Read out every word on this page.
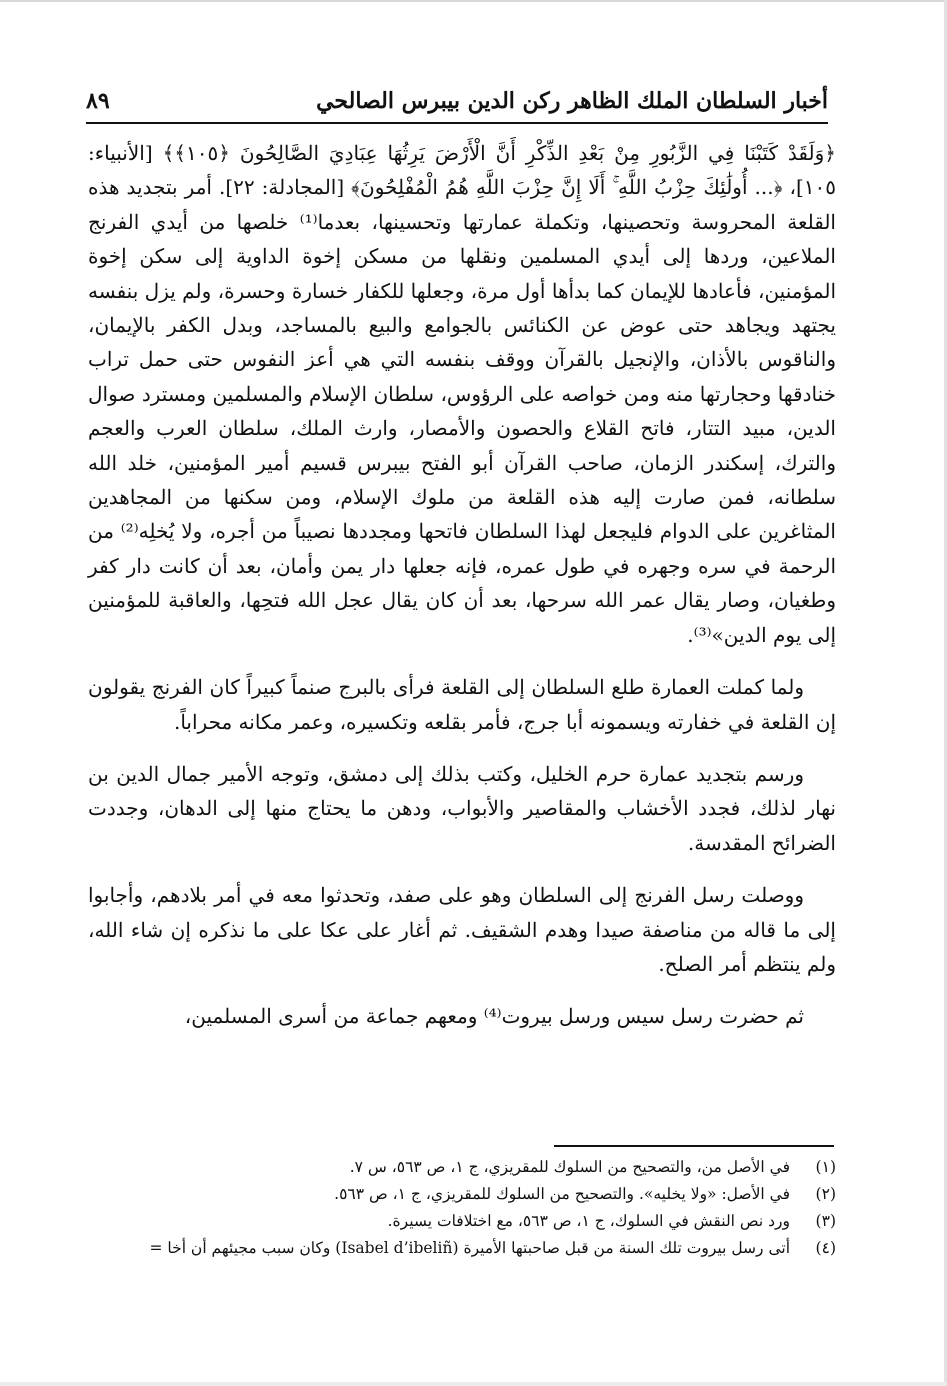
أخبار السلطان الملك الظاهر ركن الدين بيبرس الصالحي
٨٩

﴿وَلَقَدْ كَتَبْنَا فِي الزَّبُورِ مِنْ بَعْدِ الذِّكْرِ أَنَّ الْأَرْضَ يَرِثُهَا عِبَادِيَ الصَّالِحُونَ ﴿١٠٥﴾﴾ [الأنبياء: ١٠٥]، ﴿... أُولَٰئِكَ حِزْبُ اللَّهِ ۚ أَلَا إِنَّ حِزْبَ اللَّهِ هُمُ الْمُفْلِحُونَ﴾ [المجادلة: ٢٢]. أمر بتجديد هذه القلعة المحروسة وتحصينها، وتكملة عمارتها وتحسينها، بعدما⁽¹⁾ خلصها من أيدي الفرنج الملاعين، وردها إلى أيدي المسلمين ونقلها من مسكن إخوة الداوية إلى سكن إخوة المؤمنين، فأعادها للإيمان كما بدأها أول مرة، وجعلها للكفار خسارة وحسرة، ولم يزل بنفسه يجتهد ويجاهد حتى عوض عن الكنائس بالجوامع والبيع بالمساجد، وبدل الكفر بالإيمان، والناقوس بالأذان، والإنجيل بالقرآن ووقف بنفسه التي هي أعز النفوس حتى حمل تراب خنادقها وحجارتها منه ومن خواصه على الرؤوس، سلطان الإسلام والمسلمين ومسترد صوال الدين، مبيد التتار، فاتح القلاع والحصون والأمصار، وارث الملك، سلطان العرب والعجم والترك، إسكندر الزمان، صاحب القرآن أبو الفتح بيبرس قسيم أمير المؤمنين، خلد الله سلطانه، فمن صارت إليه هذه القلعة من ملوك الإسلام، ومن سكنها من المجاهدين المثاغرين على الدوام فليجعل لهذا السلطان فاتحها ومجددها نصيباً من أجره، ولا يُخلِه⁽²⁾ من الرحمة في سره وجهره في طول عمره، فإنه جعلها دار يمن وأمان، بعد أن كانت دار كفر وطغيان، وصار يقال عمر الله سرحها، بعد أن كان يقال عجل الله فتحِها، والعاقبة للمؤمنين إلى يوم الدين»⁽³⁾.

ولما كملت العمارة طلع السلطان إلى القلعة فرأى بالبرج صنماً كبيراً كان الفرنج يقولون إن القلعة في خفارته ويسمونه أبا جرج، فأمر بقلعه وتكسيره، وعمر مكانه محراباً.

ورسم بتجديد عمارة حرم الخليل، وكتب بذلك إلى دمشق، وتوجه الأمير جمال الدين بن نهار لذلك، فجدد الأخشاب والمقاصير والأبواب، ودهن ما يحتاج منها إلى الدهان، وجددت الضرائح المقدسة.

ووصلت رسل الفرنج إلى السلطان وهو على صفد، وتحدثوا معه في أمر بلادهم، وأجابوا إلى ما قاله من مناصفة صيدا وهدم الشقيف. ثم أغار على عكا على ما نذكره إن شاء الله، ولم ينتظم أمر الصلح.

ثم حضرت رسل سيس ورسل بيروت⁽⁴⁾ ومعهم جماعة من أسرى المسلمين،

(١)
في الأصل من، والتصحيح من السلوك للمقريزي، ج ١، ص ٥٦٣، س ٧.
(٢)
في الأصل: «ولا يخليه». والتصحيح من السلوك للمقريزي، ج ١، ص ٥٦٣.
(٣)
ورد نص النقش في السلوك، ج ١، ص ٥٦٣، مع اختلافات يسيرة.
(٤)
أتى رسل بيروت تلك السنة من قبل صاحبتها الأميرة (Isabel d’ibeliñ) وكان سبب مجيئهم أن أخا =
